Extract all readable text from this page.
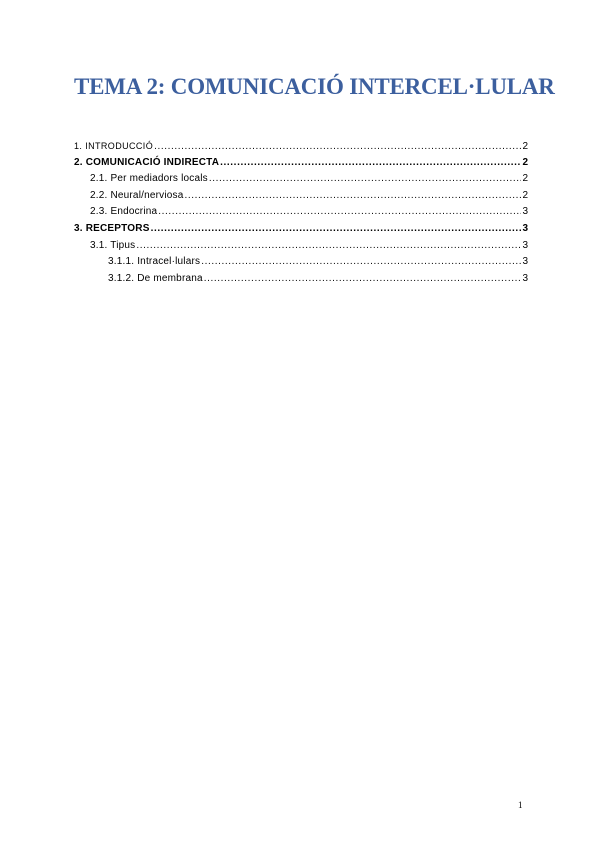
TEMA 2: COMUNICACIÓ INTERCEL·LULAR
1. INTRODUCCIÓ .....	2
2. COMUNICACIÓ INDIRECTA .....	2
2.1. Per mediadors locals .....	2
2.2. Neural/nerviosa .....	2
2.3. Endocrina .....	3
3. RECEPTORS .....	3
3.1. Tipus .....	3
3.1.1. Intracel·lulars .....	3
3.1.2. De membrana .....	3
1
